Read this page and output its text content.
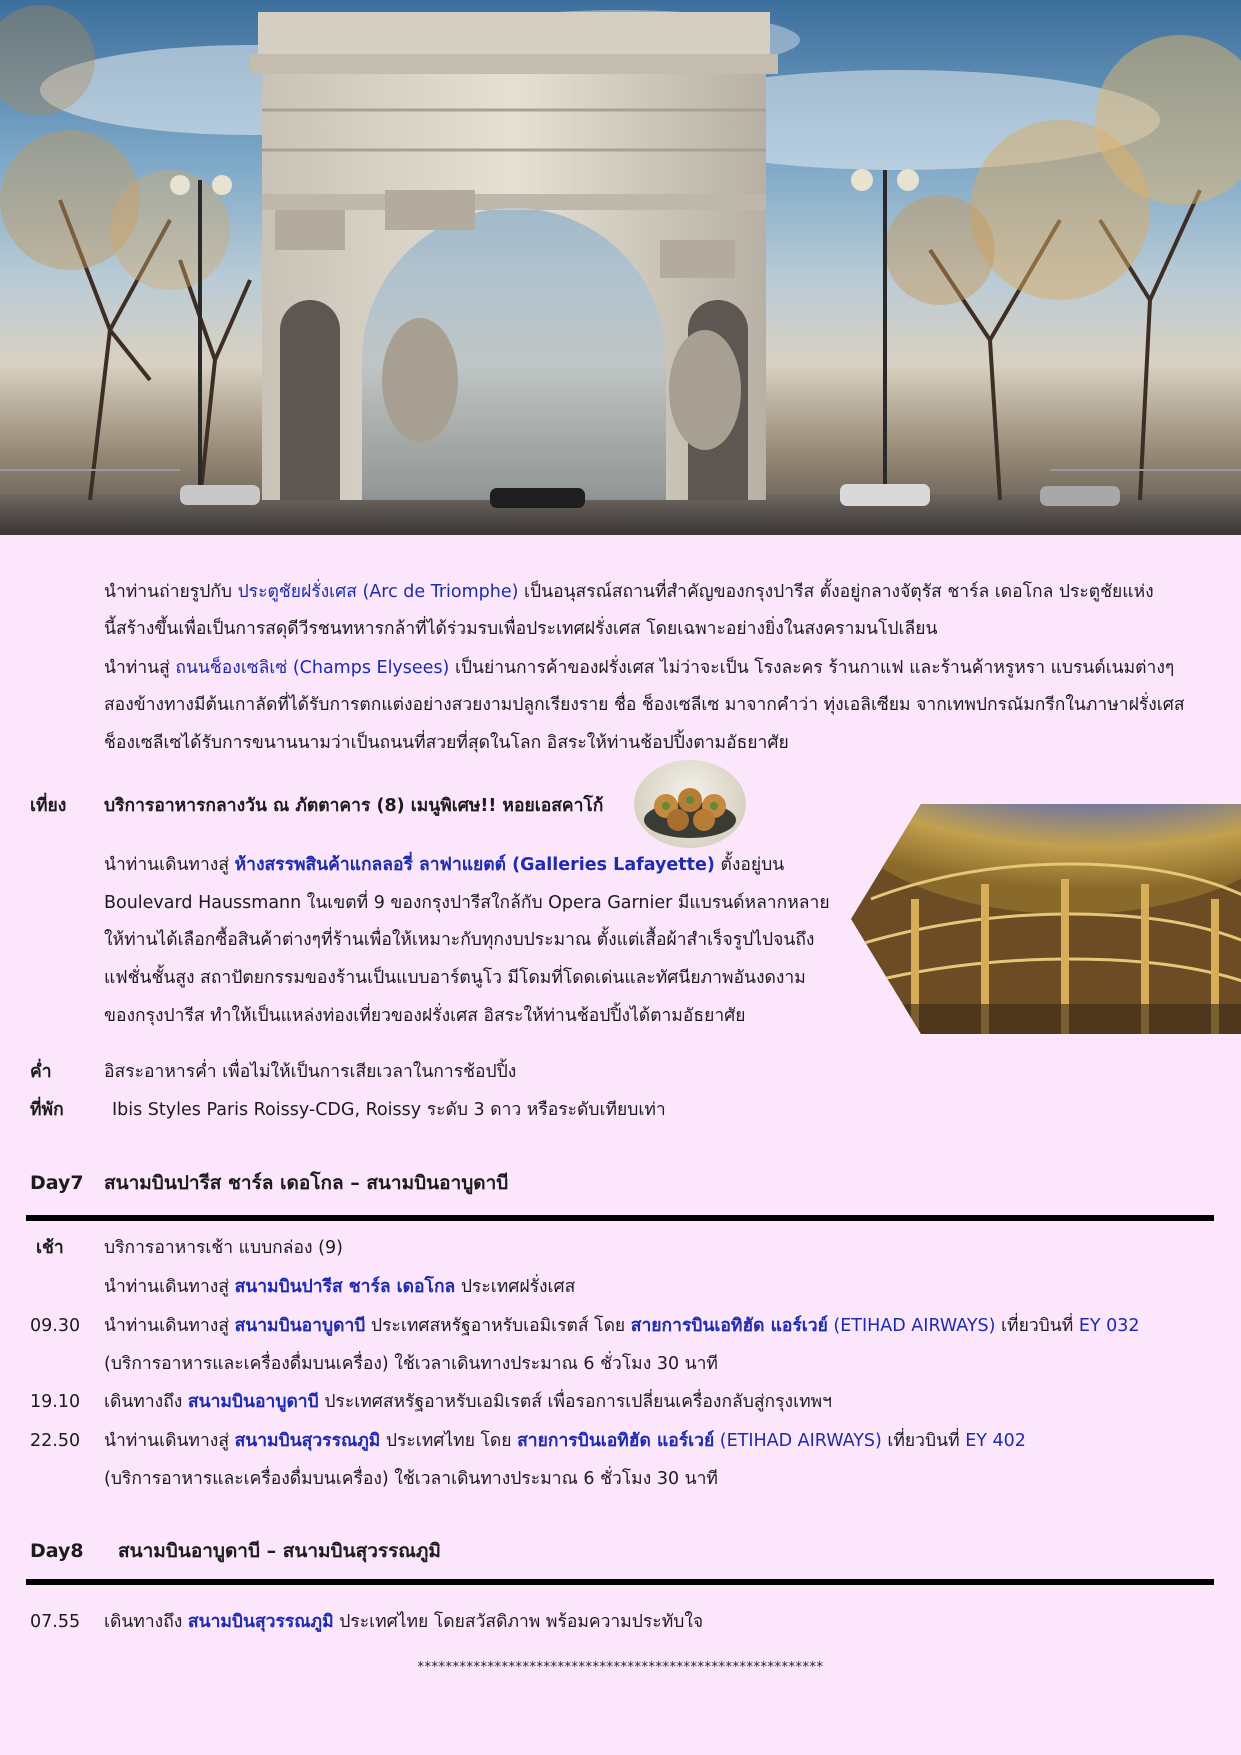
นำท่านถ่ายรูปกับ ประตูชัยฝรั่งเศส (Arc de Triomphe) เป็นอนุสรณ์สถานที่สำคัญของกรุงปารีส ตั้งอยู่กลางจัตุรัส ชาร์ล เดอโกล ประตูชัยแห่ง
นี้สร้างขึ้นเพื่อเป็นการสดุดีวีรชนทหารกล้าที่ได้ร่วมรบเพื่อประเทศฝรั่งเศส โดยเฉพาะอย่างยิ่งในสงครามนโปเลียน
นำท่านสู่ ถนนช็องเซลิเซ่ (Champs Elysees) เป็นย่านการค้าของฝรั่งเศส ไม่ว่าจะเป็น โรงละคร ร้านกาแฟ และร้านค้าหรูหรา แบรนด์เนมต่างๆ
สองข้างทางมีต้นเกาลัดที่ได้รับการตกแต่งอย่างสวยงามปลูกเรียงราย ชื่อ ช็องเซลีเซ มาจากคำว่า ทุ่งเอลิเซียม จากเทพปกรณัมกรีกในภาษาฝรั่งเศส
ช็องเซลีเซได้รับการขนานนามว่าเป็นถนนที่สวยที่สุดในโลก อิสระให้ท่านช้อปปิ้งตามอัธยาศัย
เที่ยง บริการอาหารกลางวัน ณ ภัตตาคาร (8) เมนูพิเศษ!! หอยเอสคาโก้
นำท่านเดินทางสู่ ห้างสรรพสินค้าแกลลอรี่ ลาฟาแยตต์ (Galleries Lafayette) ตั้งอยู่บน
Boulevard Haussmann ในเขตที่ 9 ของกรุงปารีสใกล้กับ Opera Garnier มีแบรนด์หลากหลาย
ให้ท่านได้เลือกซื้อสินค้าต่างๆที่ร้านเพื่อให้เหมาะกับทุกงบประมาณ ตั้งแต่เสื้อผ้าสำเร็จรูปไปจนถึง
แฟชั่นชั้นสูง สถาปัตยกรรมของร้านเป็นแบบอาร์ตนูโว มีโดมที่โดดเด่นและทัศนียภาพอันงดงาม
ของกรุงปารีส ทำให้เป็นแหล่งท่องเที่ยวของฝรั่งเศส อิสระให้ท่านช้อปปิ้งได้ตามอัธยาศัย
ค่ำ	อิสระอาหารค่ำ เพื่อไม่ให้เป็นการเสียเวลาในการช้อปปิ้ง
ที่พัก	Ibis Styles Paris Roissy-CDG, Roissy ระดับ 3 ดาว หรือระดับเทียบเท่า
Day7 สนามบินปารีส ชาร์ล เดอโกล – สนามบินอาบูดาบี
เช้า บริการอาหารเช้า แบบกล่อง (9)
นำท่านเดินทางสู่ สนามบินปารีส ชาร์ล เดอโกล ประเทศฝรั่งเศส
09.30 นำท่านเดินทางสู่ สนามบินอาบูดาบี ประเทศสหรัฐอาหรับเอมิเรตส์ โดย สายการบินเอทิฮัด แอร์เวย์ (ETIHAD AIRWAYS) เที่ยวบินที่ EY 032
(บริการอาหารและเครื่องดื่มบนเครื่อง) ใช้เวลาเดินทางประมาณ 6 ชั่วโมง 30 นาที
19.10 เดินทางถึง สนามบินอาบูดาบี ประเทศสหรัฐอาหรับเอมิเรตส์ เพื่อรอการเปลี่ยนเครื่องกลับสู่กรุงเทพฯ
22.50 นำท่านเดินทางสู่ สนามบินสุวรรณภูมิ ประเทศไทย โดย สายการบินเอทิฮัด แอร์เวย์ (ETIHAD AIRWAYS) เที่ยวบินที่ EY 402
(บริการอาหารและเครื่องดื่มบนเครื่อง) ใช้เวลาเดินทางประมาณ 6 ชั่วโมง 30 นาที
Day8 สนามบินอาบูดาบี – สนามบินสุวรรณภูมิ
07.55 เดินทางถึง สนามบินสุวรรณภูมิ ประเทศไทย โดยสวัสดิภาพ พร้อมความประทับใจ
**********************************************************
